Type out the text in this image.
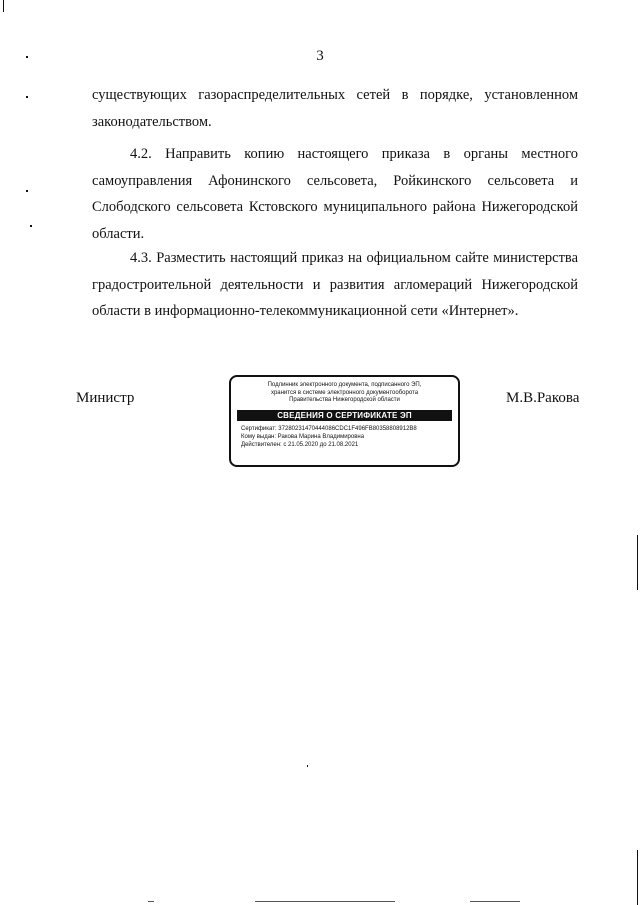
3

существующих газораспределительных сетей в порядке, установленном законодательством.

4.2. Направить копию настоящего приказа в органы местного самоуправления Афонинского сельсовета, Ройкинского сельсовета и Слободского сельсовета Кстовского муниципального района Нижегородской области.

4.3. Разместить настоящий приказ на официальном сайте министерства градостроительной деятельности и развития агломераций Нижегородской области в информационно-телекоммуникационной сети «Интернет».

Министр	М.В.Ракова
Подлинник электронного документа, подписанного ЭП,
хранится в системе электронного документооборота
Правительства Нижегородской области
СВЕДЕНИЯ О СЕРТИФИКАТЕ ЭП
Сертификат: 37280231470444086CDC1F496FB80358808912B8
Кому выдан: Ракова Марина Владимировна
Действителен: с 21.05.2020 до 21.08.2021
